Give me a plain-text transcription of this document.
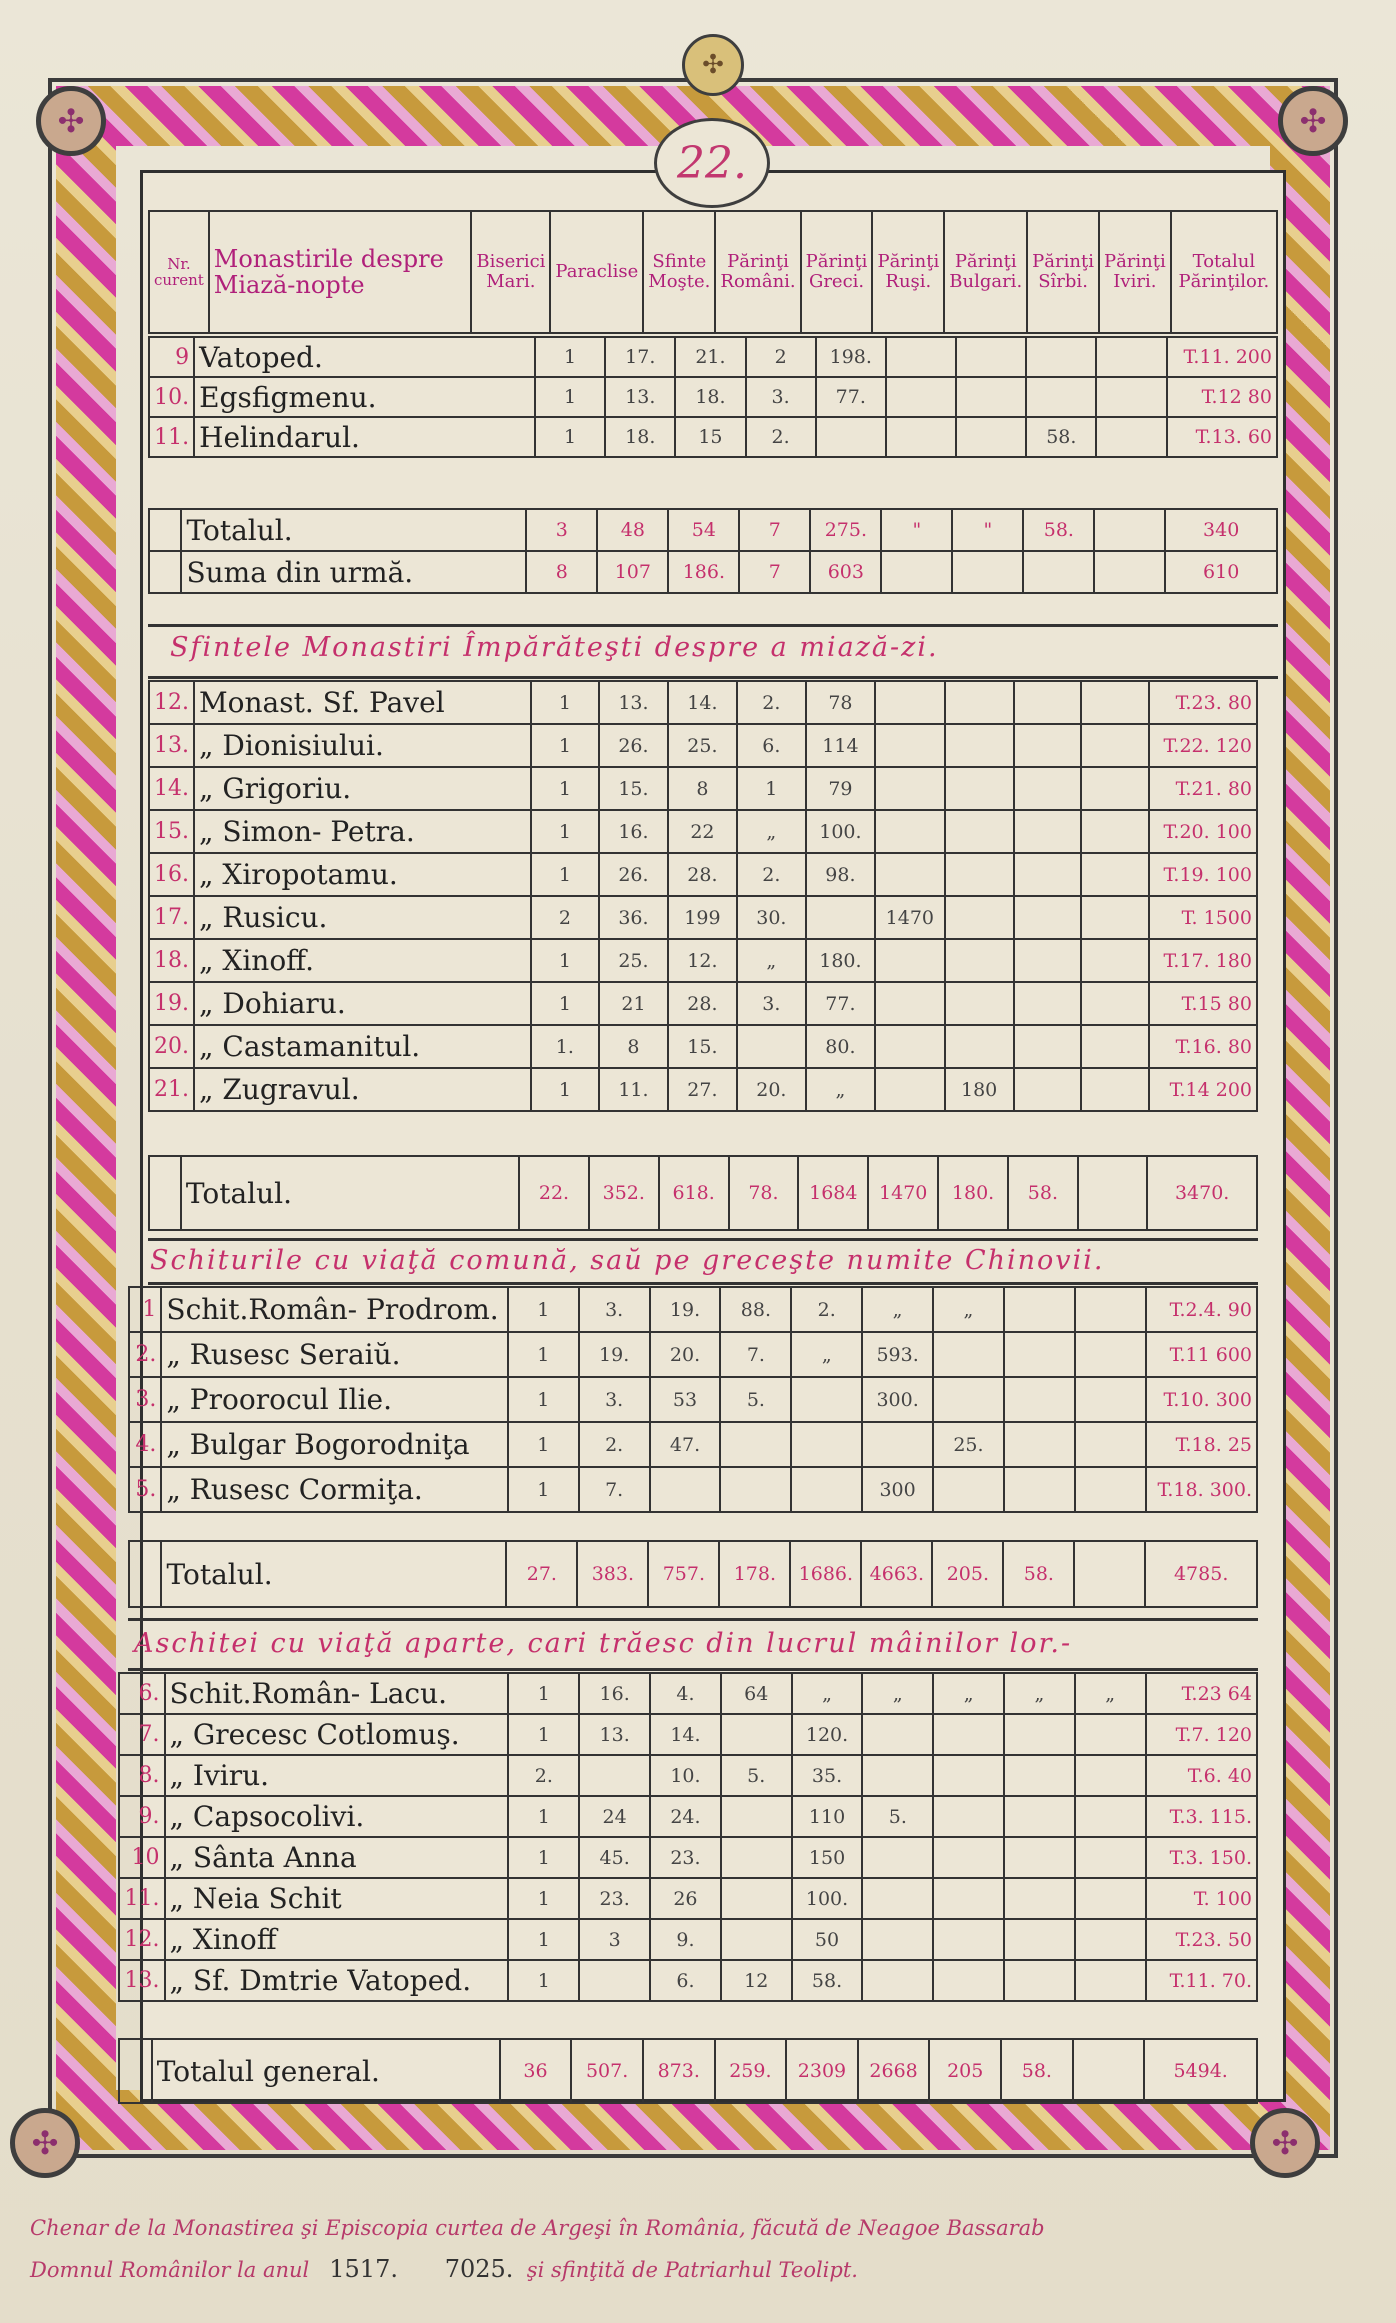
✣	✣
✣	✣
✣
22.
Nr. curent	Monastirile despre Miază-nopte	Biserici Mari.	Paraclise	Sfinte Moşte.	Părinţi Români.	Părinţi Greci.	Părinţi Ruşi.	Părinţi Bulgari.	Părinţi Sîrbi.	Părinţi Iviri.	Totalul Părinţilor.
9	Vatoped.	1	17.	21.	2	198.					T.11. 200
10.	Egsfigmenu.	1	13.	18.	3.	77.					T.12 80
11.	Helindarul.	1	18.	15	2.				58.		T.13. 60
	Totalul.	3	48	54	7	275.	"	"	58.		340
	Suma din urmă.	8	107	186.	7	603					610
Sfintele Monastiri Împărăteşti despre a miază-zi.
12.	Monast. Sf. Pavel	1	13.	14.	2.	78					T.23. 80
13.	„ Dionisiului.	1	26.	25.	6.	114					T.22. 120
14.	„ Grigoriu.	1	15.	8	1	79					T.21. 80
15.	„ Simon- Petra.	1	16.	22	„	100.					T.20. 100
16.	„ Xiropotamu.	1	26.	28.	2.	98.					T.19. 100
17.	„ Rusicu.	2	36.	199	30.		1470				T. 1500
18.	„ Xinoff.	1	25.	12.	„	180.					T.17. 180
19.	„ Dohiaru.	1	21	28.	3.	77.					T.15 80
20.	„ Castamanitul.	1.	8	15.		80.					T.16. 80
21.	„ Zugravul.	1	11.	27.	20.	„		180			T.14 200
	Totalul.	22.	352.	618.	78.	1684	1470	180.	58.		3470.
Schiturile cu viaţă comună, saŭ pe greceşte numite Chinovii.
1	Schit.Român- Prodrom.	1	3.	19.	88.	2.	„	„			T.2.4. 90
2.	„ Rusesc Seraiŭ.	1	19.	20.	7.	„	593.				T.11 600
3.	„ Proorocul Ilie.	1	3.	53	5.		300.				T.10. 300
4.	„ Bulgar Bogorodniţa	1	2.	47.				25.			T.18. 25
5.	„ Rusesc Cormiţa.	1	7.				300				T.18. 300.
	Totalul.	27.	383.	757.	178.	1686.	4663.	205.	58.		4785.
Aschitei cu viaţă aparte, cari trăesc din lucrul mâinilor lor.-
6.	Schit.Român- Lacu.	1	16.	4.	64	„	„	„	„	„	T.23 64
7.	„ Grecesc Cotlomuş.	1	13.	14.		120.					T.7. 120
8.	„ Iviru.	2.		10.	5.	35.					T.6. 40
9.	„ Capsocolivi.	1	24	24.		110	5.				T.3. 115.
10	„ Sânta Anna	1	45.	23.		150					T.3. 150.
11.	„ Neia Schit	1	23.	26		100.					T. 100
12.	„ Xinoff	1	3	9.		50					T.23. 50
13.	„ Sf. Dmtrie Vatoped.	1		6.	12	58.					T.11. 70.
	Totalul general.	36	507.	873.	259.	2309	2668	205	58.		5494.
Chenar de la Monastirea şi Episcopia curtea de Argeşi în România, făcută de Neagoe Bassarab
Domnul Românilor la anul 1517. 7025. şi sfinţită de Patriarhul Teolipt.
